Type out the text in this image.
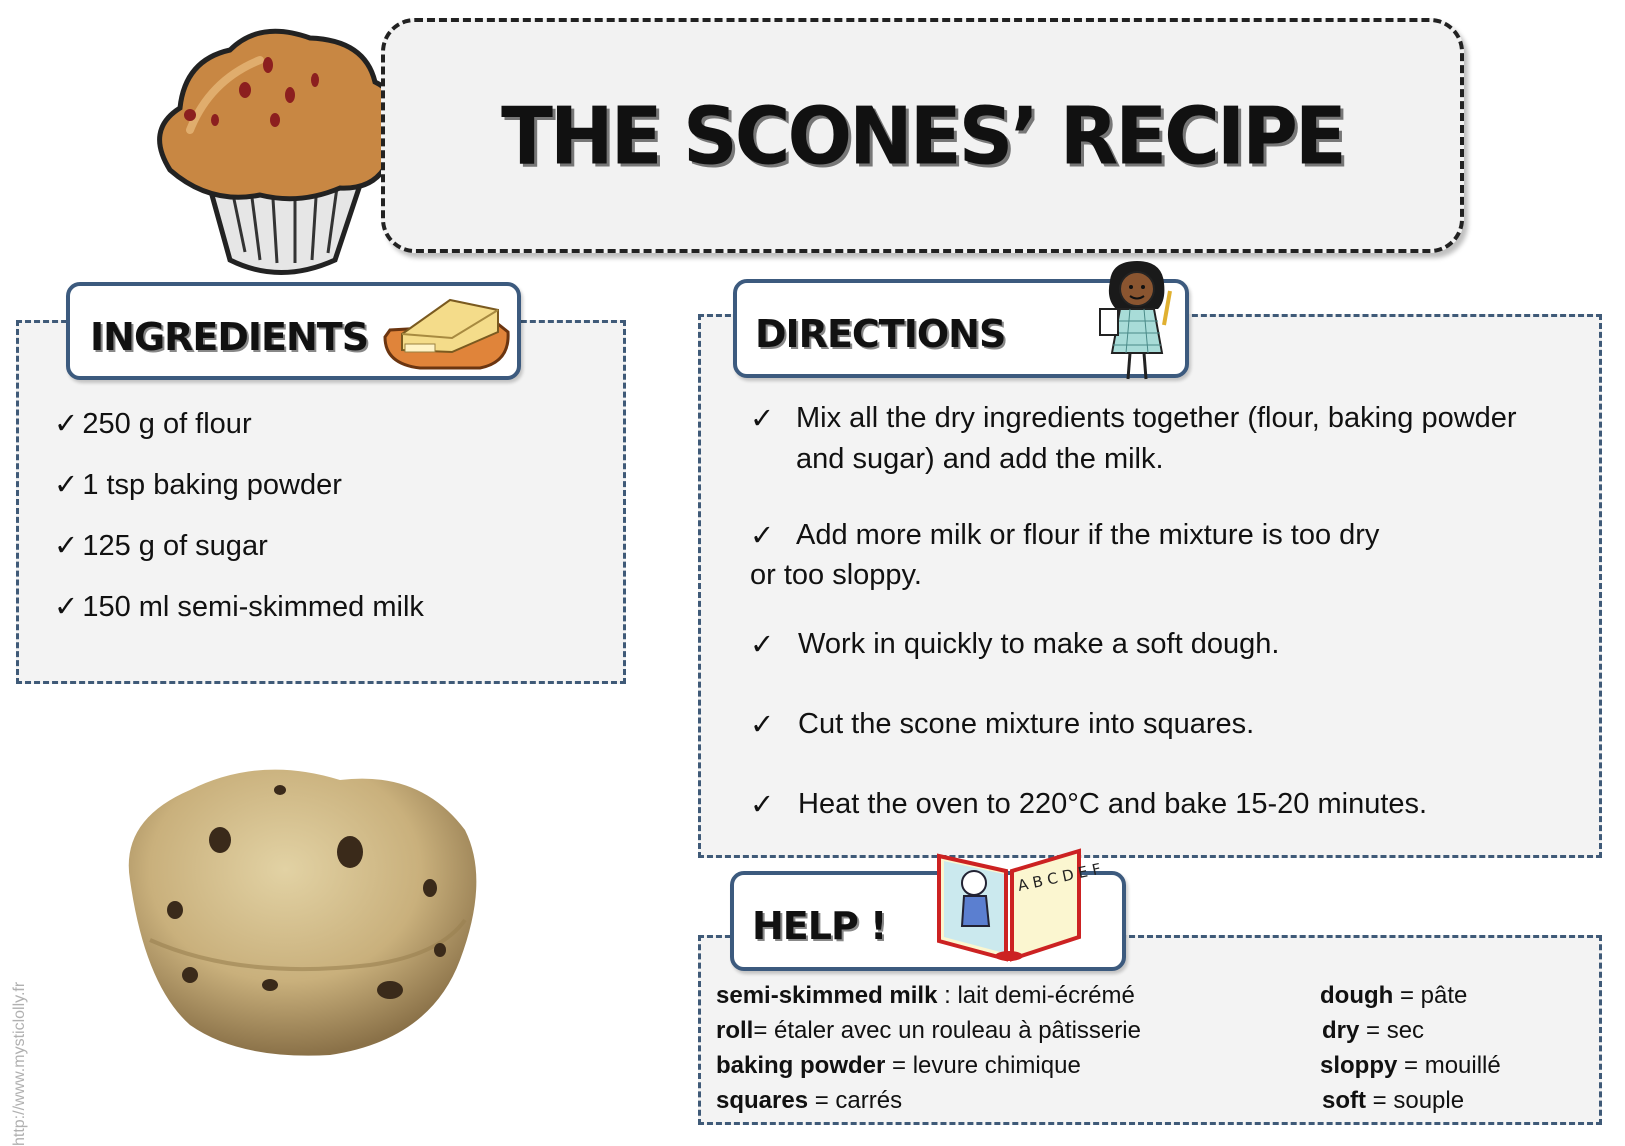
THE SCONES’ RECIPE
INGREDIENTS
✓ 250 g of flour
✓ 1 tsp baking powder
✓ 125 g of sugar
✓ 150 ml semi-skimmed milk
DIRECTIONS
✓ Mix all the dry ingredients together (flour, baking powder and sugar) and add the milk.
✓ Add more milk or flour if the mixture is too dry
or too sloppy.
✓ Work in quickly to make a soft dough.
✓ Cut the scone mixture into squares.
✓ Heat the oven to 220°C and bake 15-20 minutes.
HELP !
A B C D E F
semi-skimmed milk : lait demi-écrémé
roll= étaler avec un rouleau à pâtisserie
baking powder = levure chimique
squares = carrés
dough = pâte
dry = sec
sloppy = mouillé
soft = souple
http://www.mysticlolly.fr
